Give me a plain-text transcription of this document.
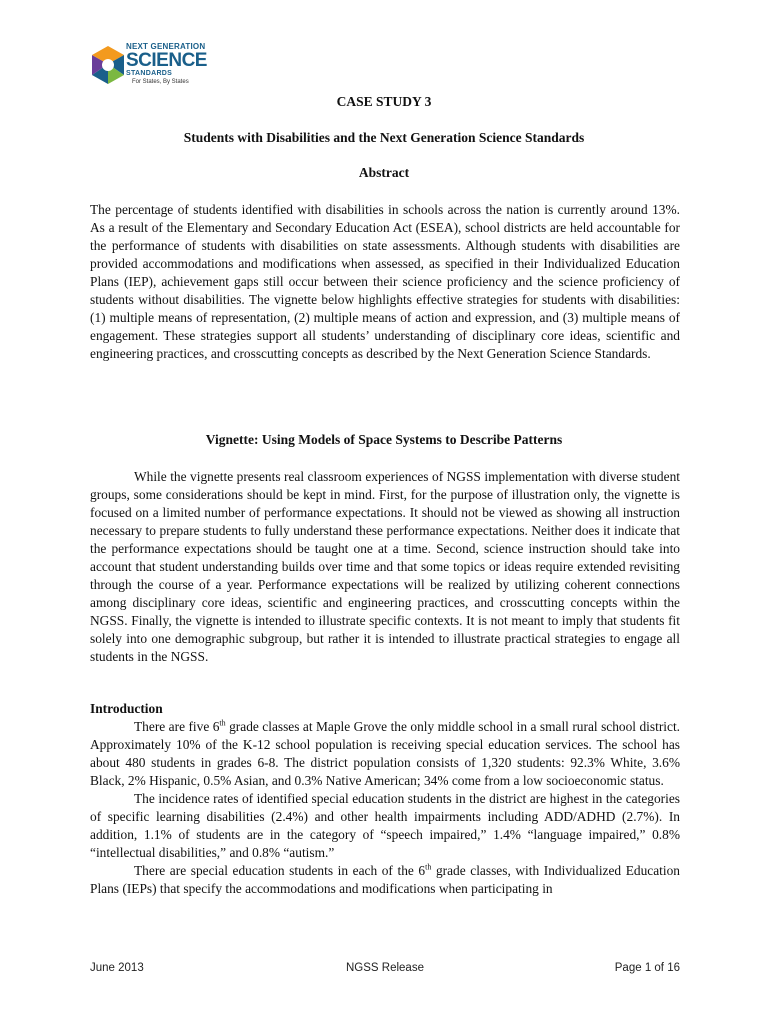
NEXT GENERATION
SCIENCE
STANDARDS
For States, By States
CASE STUDY 3
Students with Disabilities and the Next Generation Science Standards
Abstract

The percentage of students identified with disabilities in schools across the nation is currently around 13%. As a result of the Elementary and Secondary Education Act (ESEA), school districts are held accountable for the performance of students with disabilities on state assessments. Although students with disabilities are provided accommodations and modifications when assessed, as specified in their Individualized Education Plans (IEP), achievement gaps still occur between their science proficiency and the science proficiency of students without disabilities. The vignette below highlights effective strategies for students with disabilities: (1) multiple means of representation, (2) multiple means of action and expression, and (3) multiple means of engagement. These strategies support all students’ understanding of disciplinary core ideas, scientific and engineering practices, and crosscutting concepts as described by the Next Generation Science Standards.

Vignette: Using Models of Space Systems to Describe Patterns

While the vignette presents real classroom experiences of NGSS implementation with diverse student groups, some considerations should be kept in mind. First, for the purpose of illustration only, the vignette is focused on a limited number of performance expectations. It should not be viewed as showing all instruction necessary to prepare students to fully understand these performance expectations. Neither does it indicate that the performance expectations should be taught one at a time. Second, science instruction should take into account that student understanding builds over time and that some topics or ideas require extended revisiting through the course of a year. Performance expectations will be realized by utilizing coherent connections among disciplinary core ideas, scientific and engineering practices, and crosscutting concepts within the NGSS. Finally, the vignette is intended to illustrate specific contexts. It is not meant to imply that students fit solely into one demographic subgroup, but rather it is intended to illustrate practical strategies to engage all students in the NGSS.

Introduction

There are five 6th grade classes at Maple Grove the only middle school in a small rural school district. Approximately 10% of the K-12 school population is receiving special education services. The school has about 480 students in grades 6-8. The district population consists of 1,320 students: 92.3% White, 3.6% Black, 2% Hispanic, 0.5% Asian, and 0.3% Native American; 34% come from a low socioeconomic status.

The incidence rates of identified special education students in the district are highest in the categories of specific learning disabilities (2.4%) and other health impairments including ADD/ADHD (2.7%). In addition, 1.1% of students are in the category of “speech impaired,” 1.4% “language impaired,” 0.8% “intellectual disabilities,” and 0.8% “autism.”

There are special education students in each of the 6th grade classes, with Individualized Education Plans (IEPs) that specify the accommodations and modifications when participating in

June 2013	NGSS Release	Page 1 of 16
